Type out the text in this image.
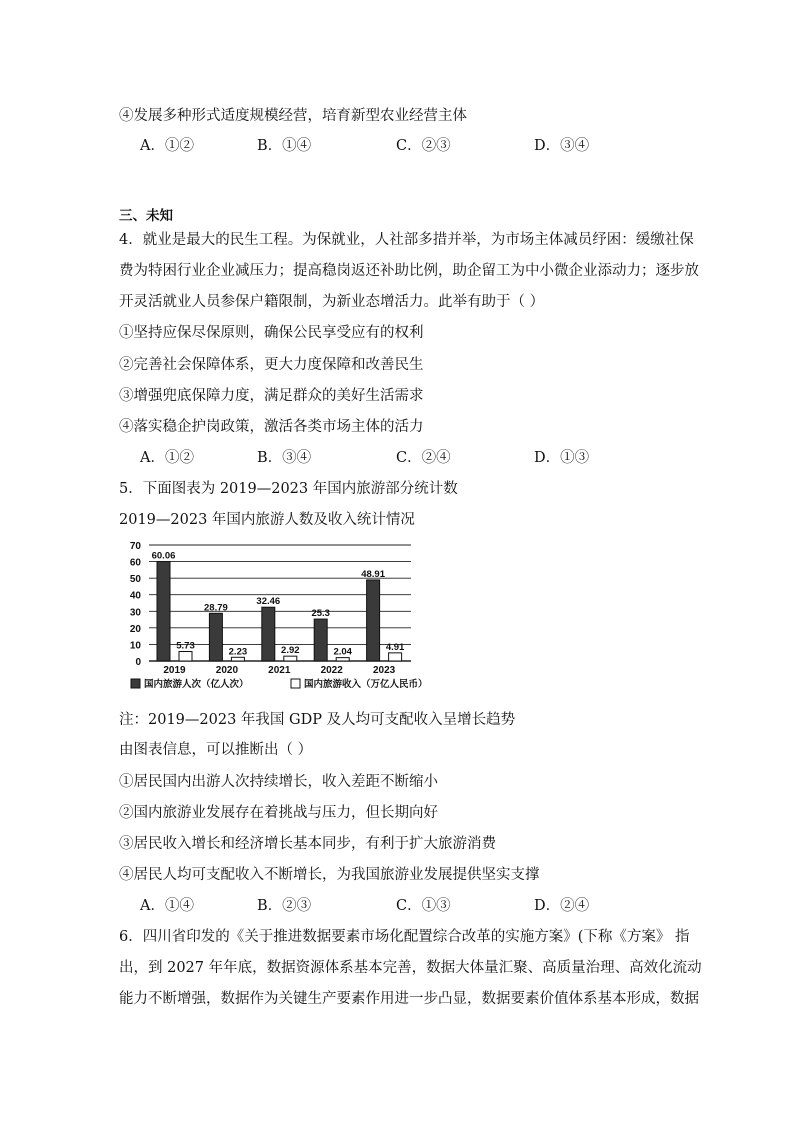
④发展多种形式适度规模经营，培育新型农业经营主体
A．①②	B．①④	C．②③	D．③④
三、未知
4．就业是最大的民生工程。为保就业，人社部多措并举，为市场主体减员纾困：缓缴社保
费为特困行业企业减压力；提高稳岗返还补助比例，助企留工为中小微企业添动力；逐步放
开灵活就业人员参保户籍限制，为新业态增活力。此举有助于（ ）
①坚持应保尽保原则，确保公民享受应有的权利
②完善社会保障体系，更大力度保障和改善民生
③增强兜底保障力度，满足群众的美好生活需求
④落实稳企护岗政策，激活各类市场主体的活力
A．①②	B．③④	C．②④	D．①③
5．下面图表为 2019—2023 年国内旅游部分统计数
2019—2023 年国内旅游人数及收入统计情况
0
10
20
30
40
50
60
70
60.06
5.73
28.79
2.23
32.46
2.92
25.3
2.04
48.91
4.91
2019	2020	2021	2022	2023
国内旅游人次（亿人次）	国内旅游收入（万亿人民币）
注：2019—2023 年我国 GDP 及人均可支配收入呈增长趋势
由图表信息，可以推断出（ ）
①居民国内出游人次持续增长，收入差距不断缩小
②国内旅游业发展存在着挑战与压力，但长期向好
③居民收入增长和经济增长基本同步，有利于扩大旅游消费
④居民人均可支配收入不断增长，为我国旅游业发展提供坚实支撑
A．①④	B．②③	C．①③	D．②④
6．四川省印发的《关于推进数据要素市场化配置综合改革的实施方案》(下称《方案》 指
出，到 2027 年年底，数据资源体系基本完善，数据大体量汇聚、高质量治理、高效化流动
能力不断增强，数据作为关键生产要素作用进一步凸显，数据要素价值体系基本形成，数据
